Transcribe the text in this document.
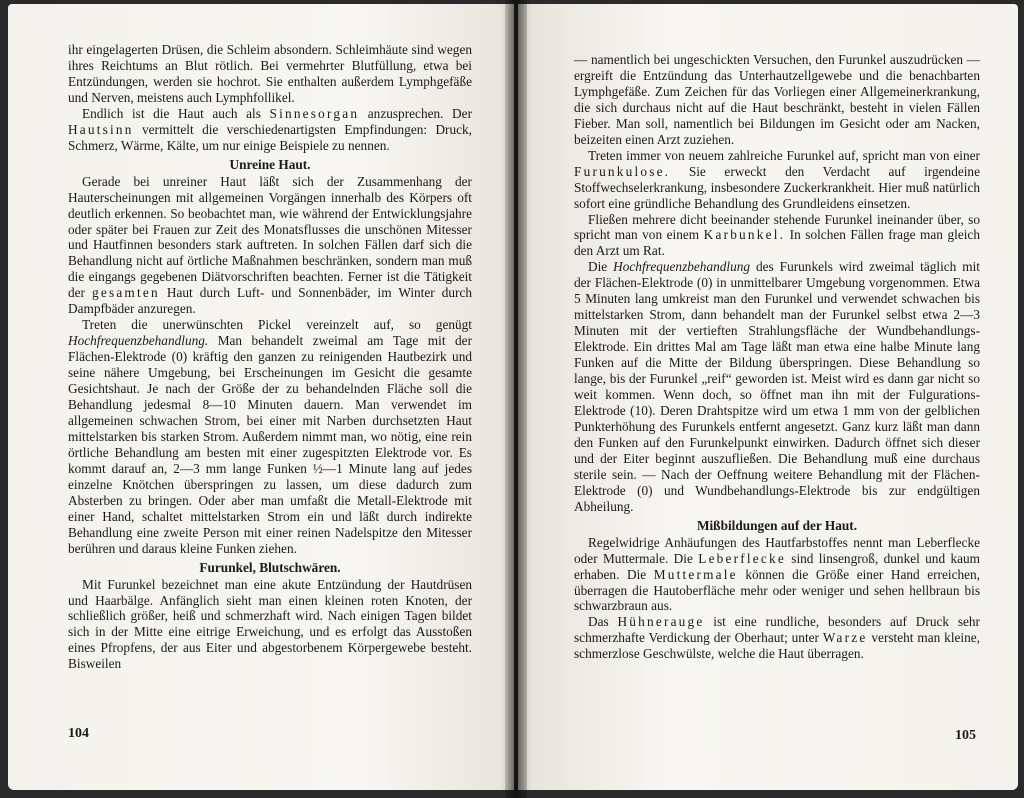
ihr eingelagerten Drüsen, die Schleim absondern. Schleimhäute sind wegen ihres Reichtums an Blut rötlich. Bei vermehrter Blutfüllung, etwa bei Entzündungen, werden sie hochrot. Sie enthalten außerdem Lymphgefäße und Nerven, meistens auch Lymphfollikel.

Endlich ist die Haut auch als Sinnesorgan anzusprechen. Der Hautsinn vermittelt die verschiedenartigsten Empfindungen: Druck, Schmerz, Wärme, Kälte, um nur einige Beispiele zu nennen.

Unreine Haut.

Gerade bei unreiner Haut läßt sich der Zusammenhang der Hauterscheinungen mit allgemeinen Vorgängen innerhalb des Körpers oft deutlich erkennen. So beobachtet man, wie während der Entwicklungsjahre oder später bei Frauen zur Zeit des Monatsflusses die unschönen Mitesser und Hautfinnen besonders stark auftreten. In solchen Fällen darf sich die Behandlung nicht auf örtliche Maßnahmen beschränken, sondern man muß die eingangs gegebenen Diätvorschriften beachten. Ferner ist die Tätigkeit der gesamten Haut durch Luft- und Sonnenbäder, im Winter durch Dampfbäder anzuregen.

Treten die unerwünschten Pickel vereinzelt auf, so genügt Hochfrequenzbehandlung. Man behandelt zweimal am Tage mit der Flächen-Elektrode (0) kräftig den ganzen zu reinigenden Hautbezirk und seine nähere Umgebung, bei Erscheinungen im Gesicht die gesamte Gesichtshaut. Je nach der Größe der zu behandelnden Fläche soll die Behandlung jedesmal 8—10 Minuten dauern. Man verwendet im allgemeinen schwachen Strom, bei einer mit Narben durchsetzten Haut mittelstarken bis starken Strom. Außerdem nimmt man, wo nötig, eine rein örtliche Behandlung am besten mit einer zugespitzten Elektrode vor. Es kommt darauf an, 2—3 mm lange Funken ½—1 Minute lang auf jedes einzelne Knötchen überspringen zu lassen, um diese dadurch zum Absterben zu bringen. Oder aber man umfaßt die Metall-Elektrode mit einer Hand, schaltet mittelstarken Strom ein und läßt durch indirekte Behandlung eine zweite Person mit einer reinen Nadelspitze den Mitesser berühren und daraus kleine Funken ziehen.

Furunkel, Blutschwären.

Mit Furunkel bezeichnet man eine akute Entzündung der Hautdrüsen und Haarbälge. Anfänglich sieht man einen kleinen roten Knoten, der schließlich größer, heiß und schmerzhaft wird. Nach einigen Tagen bildet sich in der Mitte eine eitrige Erweichung, und es erfolgt das Ausstoßen eines Pfropfens, der aus Eiter und abgestorbenem Körpergewebe besteht. Bisweilen

104

— namentlich bei ungeschickten Versuchen, den Furunkel auszudrücken — ergreift die Entzündung das Unterhautzellgewebe und die benachbarten Lymphgefäße. Zum Zeichen für das Vorliegen einer Allgemeinerkrankung, die sich durchaus nicht auf die Haut beschränkt, besteht in vielen Fällen Fieber. Man soll, namentlich bei Bildungen im Gesicht oder am Nacken, beizeiten einen Arzt zuziehen.

Treten immer von neuem zahlreiche Furunkel auf, spricht man von einer Furunkulose. Sie erweckt den Verdacht auf irgendeine Stoffwechselerkrankung, insbesondere Zuckerkrankheit. Hier muß natürlich sofort eine gründliche Behandlung des Grundleidens einsetzen.

Fließen mehrere dicht beeinander stehende Furunkel ineinander über, so spricht man von einem Karbunkel. In solchen Fällen frage man gleich den Arzt um Rat.

Die Hochfrequenzbehandlung des Furunkels wird zweimal täglich mit der Flächen-Elektrode (0) in unmittelbarer Umgebung vorgenommen. Etwa 5 Minuten lang umkreist man den Furunkel und verwendet schwachen bis mittelstarken Strom, dann behandelt man der Furunkel selbst etwa 2—3 Minuten mit der vertieften Strahlungsfläche der Wundbehandlungs-Elektrode. Ein drittes Mal am Tage läßt man etwa eine halbe Minute lang Funken auf die Mitte der Bildung überspringen. Diese Behandlung so lange, bis der Furunkel „reif“ geworden ist. Meist wird es dann gar nicht so weit kommen. Wenn doch, so öffnet man ihn mit der Fulgurations-Elektrode (10). Deren Drahtspitze wird um etwa 1 mm von der gelblichen Punkterhöhung des Furunkels entfernt angesetzt. Ganz kurz läßt man dann den Funken auf den Furunkelpunkt einwirken. Dadurch öffnet sich dieser und der Eiter beginnt auszufließen. Die Behandlung muß eine durchaus sterile sein. — Nach der Oeffnung weitere Behandlung mit der Flächen-Elektrode (0) und Wundbehandlungs-Elektrode bis zur endgültigen Abheilung.

Mißbildungen auf der Haut.

Regelwidrige Anhäufungen des Hautfarbstoffes nennt man Leberflecke oder Muttermale. Die Leberflecke sind linsengroß, dunkel und kaum erhaben. Die Muttermale können die Größe einer Hand erreichen, überragen die Hautoberfläche mehr oder weniger und sehen hellbraun bis schwarzbraun aus.

Das Hühnerauge ist eine rundliche, besonders auf Druck sehr schmerzhafte Verdickung der Oberhaut; unter Warze versteht man kleine, schmerzlose Geschwülste, welche die Haut überragen.

105
